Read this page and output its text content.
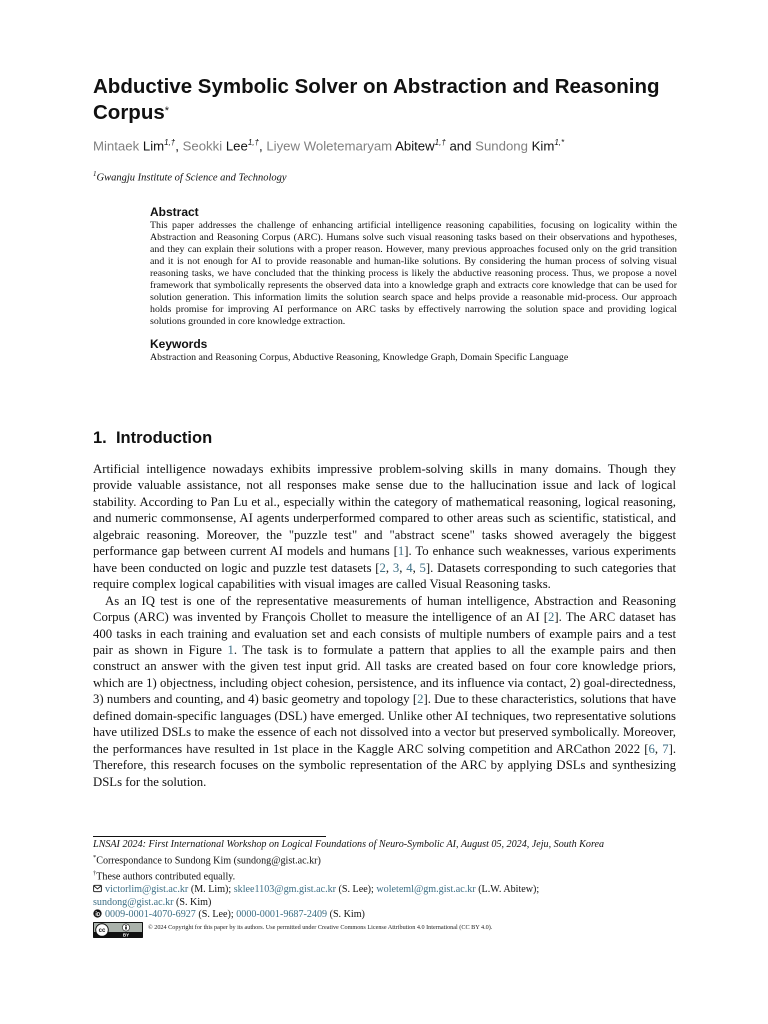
Abductive Symbolic Solver on Abstraction and Reasoning Corpus*
Mintaek Lim$^{1,\dagger}$, Seokki Lee$^{1,\dagger}$, Liyew Woletemaryam Abitew$^{1,\dagger}$ and Sundong Kim$^{1,*}$
$^1$Gwangju Institute of Science and Technology
Abstract

This paper addresses the challenge of enhancing artificial intelligence reasoning capabilities, focusing on logicality within the Abstraction and Reasoning Corpus (ARC). Humans solve such visual reasoning tasks based on their observations and hypotheses, and they can explain their solutions with a proper reason. However, many previous approaches focused only on the grid transition and it is not enough for AI to provide reasonable and human-like solutions. By considering the human process of solving visual reasoning tasks, we have concluded that the thinking process is likely the abductive reasoning process. Thus, we propose a novel framework that symbolically represents the observed data into a knowledge graph and extracts core knowledge that can be used for solution generation. This information limits the solution search space and helps provide a reasonable mid-process. Our approach holds promise for improving AI performance on ARC tasks by effectively narrowing the solution space and providing logical solutions grounded in core knowledge extraction.

Keywords

Abstraction and Reasoning Corpus, Abductive Reasoning, Knowledge Graph, Domain Specific Language

1. Introduction

Artificial intelligence nowadays exhibits impressive problem-solving skills in many domains. Though they provide valuable assistance, not all responses make sense due to the hallucination issue and lack of logical stability. According to Pan Lu et al., especially within the category of mathematical reasoning, logical reasoning, and numeric commonsense, AI agents underperformed compared to other areas such as scientific, statistical, and algebraic reasoning. Moreover, the "puzzle test" and "abstract scene" tasks showed averagely the biggest performance gap between current AI models and humans [1]. To enhance such weaknesses, various experiments have been conducted on logic and puzzle test datasets [2, 3, 4, 5]. Datasets corresponding to such categories that require complex logical capabilities with visual images are called Visual Reasoning tasks.

As an IQ test is one of the representative measurements of human intelligence, Abstraction and Reasoning Corpus (ARC) was invented by François Chollet to measure the intelligence of an AI [2]. The ARC dataset has 400 tasks in each training and evaluation set and each consists of multiple numbers of example pairs and a test pair as shown in Figure 1. The task is to formulate a pattern that applies to all the example pairs and then construct an answer with the given test input grid. All tasks are created based on four core knowledge priors, which are 1) objectness, including object cohesion, persistence, and its influence via contact, 2) goal-directedness, 3) numbers and counting, and 4) basic geometry and topology [2]. Due to these characteristics, solutions that have defined domain-specific languages (DSL) have emerged. Unlike other AI techniques, two representative solutions have utilized DSLs to make the essence of each not dissolved into a vector but preserved symbolically. Moreover, the performances have resulted in 1st place in the Kaggle ARC solving competition and ARCathon 2022 [6, 7]. Therefore, this research focuses on the symbolic representation of the ARC by applying DSLs and synthesizing DSLs for the solution.

LNSAI 2024: First International Workshop on Logical Foundations of Neuro-Symbolic AI, August 05, 2024, Jeju, South Korea
*Correspondance to Sundong Kim (sundong@gist.ac.kr)
†These authors contributed equally.
victorlim@gist.ac.kr (M. Lim); sklee1103@gm.gist.ac.kr (S. Lee); woleteml@gm.gist.ac.kr (L.W. Abitew);
sundong@gist.ac.kr (S. Kim)
0009-0001-4070-6927 (S. Lee); 0000-0001-9687-2409 (S. Kim)
cc
BY
© 2024 Copyright for this paper by its authors. Use permitted under Creative Commons License Attribution 4.0 International (CC BY 4.0).
